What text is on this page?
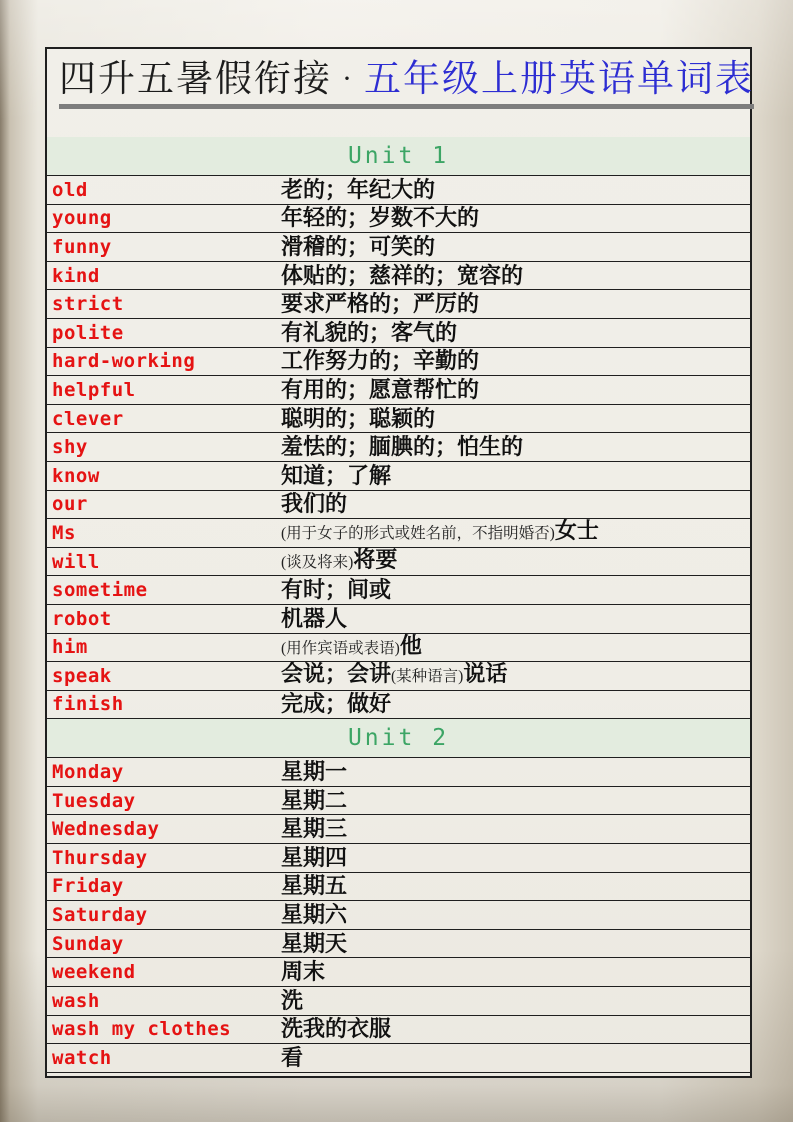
四升五暑假衔接 · 五年级上册英语单词表
Unit 1
old	老的；年纪大的
young	年轻的；岁数不大的
funny	滑稽的；可笑的
kind	体贴的；慈祥的；宽容的
strict	要求严格的；严厉的
polite	有礼貌的；客气的
hard-working	工作努力的；辛勤的
helpful	有用的；愿意帮忙的
clever	聪明的；聪颖的
shy	羞怯的；腼腆的；怕生的
know	知道；了解
our	我们的
Ms	(用于女子的形式或姓名前，不指明婚否)女士
will	(谈及将来)将要
sometime	有时；间或
robot	机器人
him	(用作宾语或表语)他
speak	会说；会讲(某种语言)说话
finish	完成；做好
Unit 2
Monday	星期一
Tuesday	星期二
Wednesday	星期三
Thursday	星期四
Friday	星期五
Saturday	星期六
Sunday	星期天
weekend	周末
wash	洗
wash my clothes	洗我的衣服
watch	看
